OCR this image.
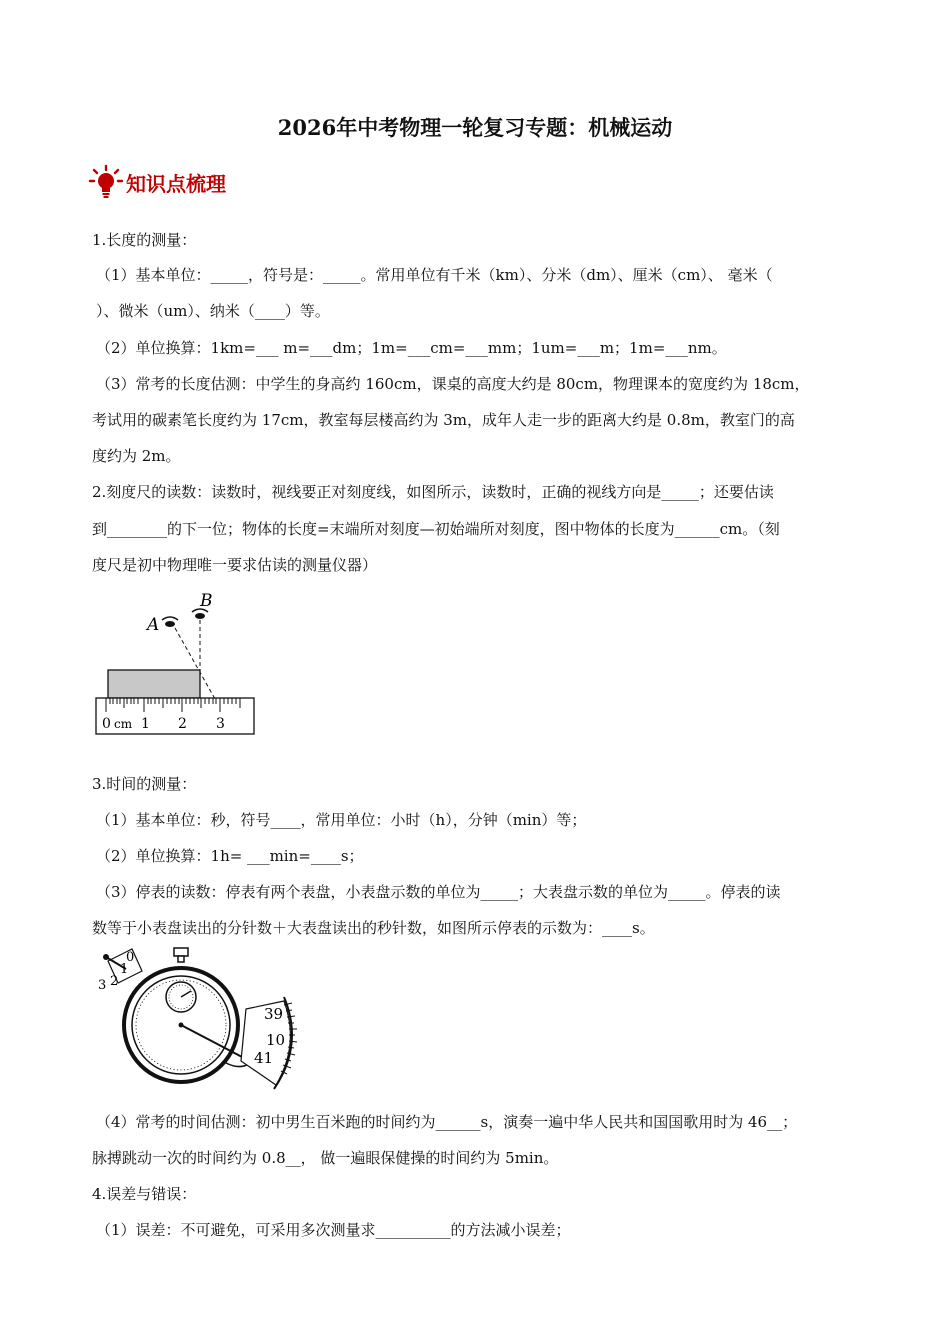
2026年中考物理一轮复习专题：机械运动
知识点梳理
1.长度的测量：
（1）基本单位：_____，符号是：_____。常用单位有千米（km）、分米（dm）、厘米（cm）、 毫米（
）、微米（um）、纳米（____）等。
（2）单位换算：1km=___ m=___dm；1m=___cm=___mm；1um=___m；1m=___nm。
（3）常考的长度估测：中学生的身高约 160cm，课桌的高度大约是 80cm，物理课本的宽度约为 18cm，
考试用的碳素笔长度约为 17cm，教室每层楼高约为 3m，成年人走一步的距离大约是 0.8m，教室门的高
度约为 2m。
2.刻度尺的读数：读数时，视线要正对刻度线，如图所示，读数时，正确的视线方向是_____；还要估读
到________的下一位；物体的长度=末端所对刻度—初始端所对刻度，图中物体的长度为______cm。（刻
度尺是初中物理唯一要求估读的测量仪器）
A
B
0 cm 1 2 3
3.时间的测量：
（1）基本单位：秒，符号____，常用单位：小时（h），分钟（min）等；
（2）单位换算：1h= ___min=____s；
（3）停表的读数：停表有两个表盘，小表盘示数的单位为_____；大表盘示数的单位为_____。停表的读
数等于小表盘读出的分针数＋大表盘读出的秒针数，如图所示停表的示数为：____s。
3 2
1
0
39
10
41
（4）常考的时间估测：初中男生百米跑的时间约为______s，演奏一遍中华人民共和国国歌用时为 46__；
脉搏跳动一次的时间约为 0.8__， 做一遍眼保健操的时间约为 5min。
4.误差与错误：
（1）误差：不可避免，可采用多次测量求__________的方法减小误差；
